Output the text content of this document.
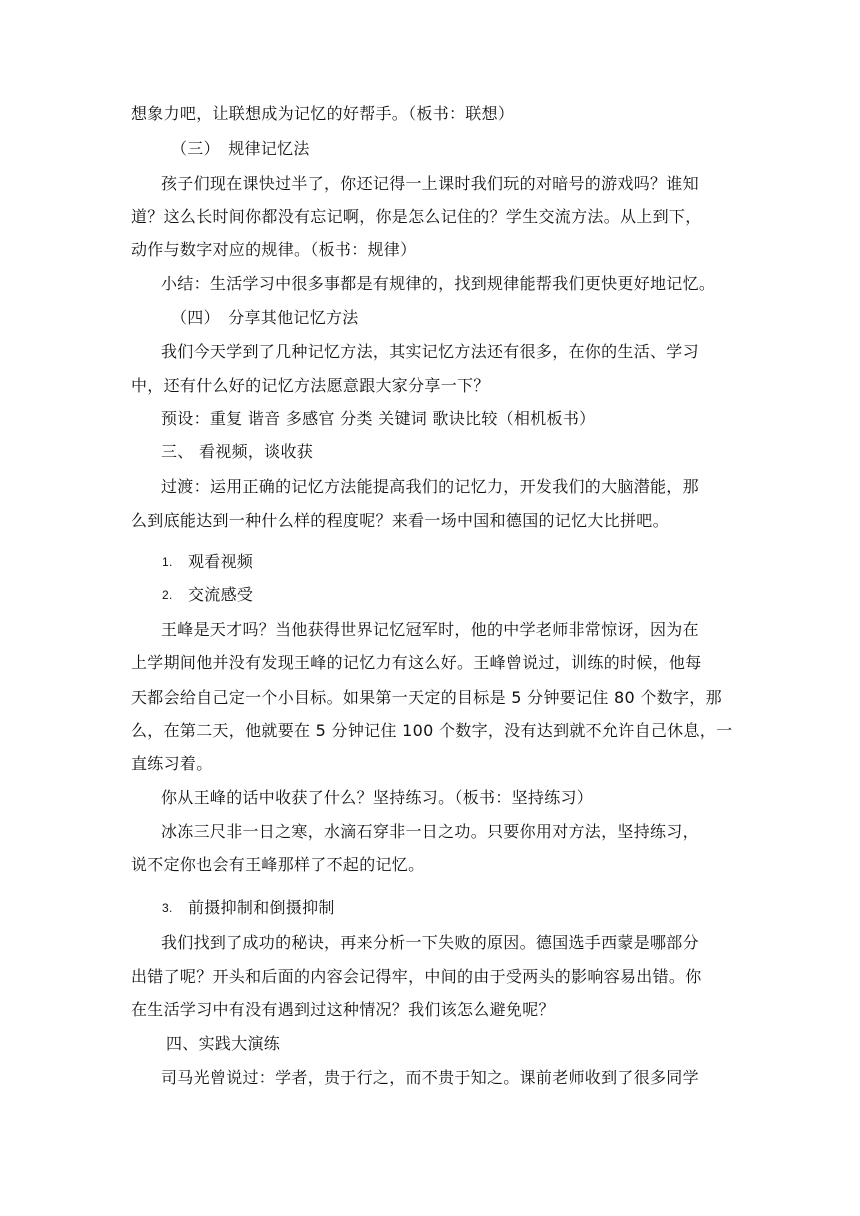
想象力吧，让联想成为记忆的好帮手。（板书：联想）
（三）　规律记忆法
孩子们现在课快过半了，你还记得一上课时我们玩的对暗号的游戏吗？谁知
道？这么长时间你都没有忘记啊，你是怎么记住的？学生交流方法。从上到下，
动作与数字对应的规律。（板书：规律）
小结：生活学习中很多事都是有规律的，找到规律能帮我们更快更好地记忆。
（四）　分享其他记忆方法
我们今天学到了几种记忆方法，其实记忆方法还有很多，在你的生活、学习
中，还有什么好的记忆方法愿意跟大家分享一下？
预设：重复 谐音 多感官 分类 关键词 歌诀比较（相机板书）
三、 看视频，谈收获
过渡：运用正确的记忆方法能提高我们的记忆力，开发我们的大脑潜能，那
么到底能达到一种什么样的程度呢？来看一场中国和德国的记忆大比拼吧。
1. 观看视频
2. 交流感受
王峰是天才吗？当他获得世界记忆冠军时，他的中学老师非常惊讶，因为在
上学期间他并没有发现王峰的记忆力有这么好。王峰曾说过，训练的时候，他每
天都会给自己定一个小目标。如果第一天定的目标是 5 分钟要记住 80 个数字，那
么，在第二天，他就要在 5 分钟记住 100 个数字，没有达到就不允许自己休息，一
直练习着。
你从王峰的话中收获了什么？坚持练习。（板书：坚持练习）
冰冻三尺非一日之寒，水滴石穿非一日之功。只要你用对方法，坚持练习，
说不定你也会有王峰那样了不起的记忆。
3. 前摄抑制和倒摄抑制
我们找到了成功的秘诀，再来分析一下失败的原因。德国选手西蒙是哪部分
出错了呢？开头和后面的内容会记得牢，中间的由于受两头的影响容易出错。你
在生活学习中有没有遇到过这种情况？我们该怎么避免呢？
四、实践大演练
司马光曾说过：学者，贵于行之，而不贵于知之。课前老师收到了很多同学
